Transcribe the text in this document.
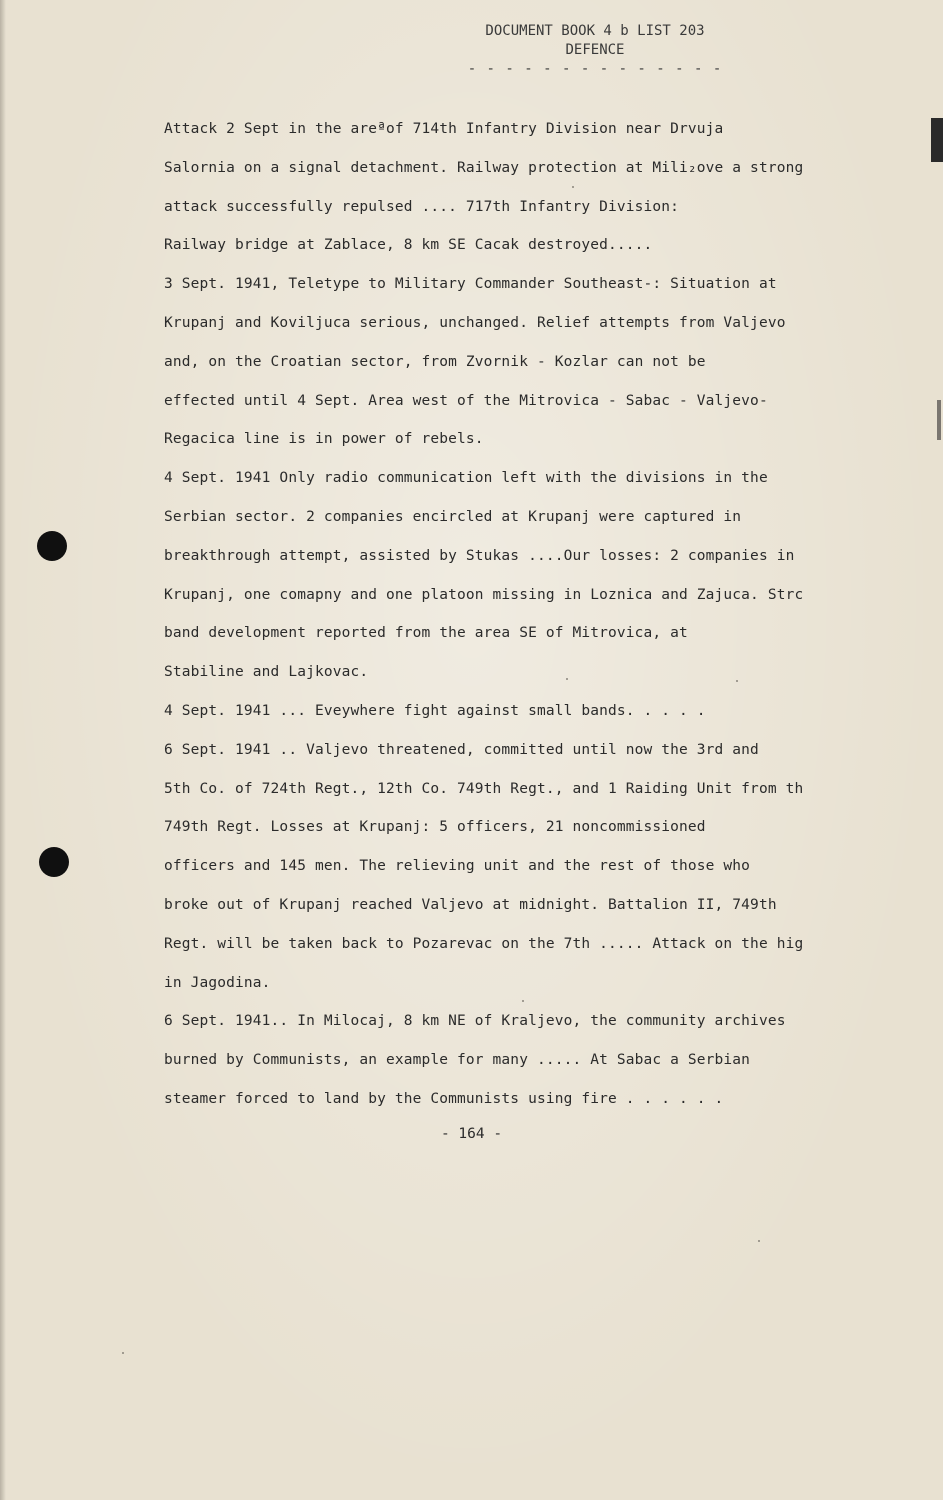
DOCUMENT BOOK 4 b LIST 203
DEFENCE
- - - - - - - - - - - - - -
Attack 2 Sept in the areªof 714th Infantry Division near Drvuja
Salornia on a signal detachment. Railway protection at Mili₂ove a strong
attack successfully repulsed .... 717th Infantry Division:
Railway bridge at Zablace, 8 km SE Cacak destroyed.....
3 Sept. 1941, Teletype to Military Commander Southeast-: Situation at
Krupanj and Koviljuca serious, unchanged. Relief attempts from Valjevo
and, on the Croatian sector, from Zvornik - Kozlar can not be
effected until 4 Sept. Area west of the Mitrovica - Sabac - Valjevo-
Regacica line is in power of rebels.
4 Sept. 1941 Only radio communication left with the divisions in the
Serbian sector. 2 companies encircled at Krupanj were captured in
breakthrough attempt, assisted by Stukas ....Our losses: 2 companies in
Krupanj, one comapny and one platoon missing in Loznica and Zajuca. Strc
band development reported from the area SE of Mitrovica, at
Stabiline and Lajkovac.
4 Sept. 1941 ... Eveywhere fight against small bands. . . . .
6 Sept. 1941 .. Valjevo threatened, committed until now the 3rd and
5th Co. of 724th Regt., 12th Co. 749th Regt., and 1 Raiding Unit from th
749th Regt. Losses at Krupanj: 5 officers, 21 noncommissioned
officers and 145 men. The relieving unit and the rest of those who
broke out of Krupanj reached Valjevo at midnight. Battalion II, 749th
Regt. will be taken back to Pozarevac on the 7th ..... Attack on the hig
in Jagodina.
6 Sept. 1941.. In Milocaj, 8 km NE of Kraljevo, the community archives
burned by Communists, an example for many ..... At Sabac a Serbian
steamer forced to land by the Communists using fire . . . . . .
- 164 -
